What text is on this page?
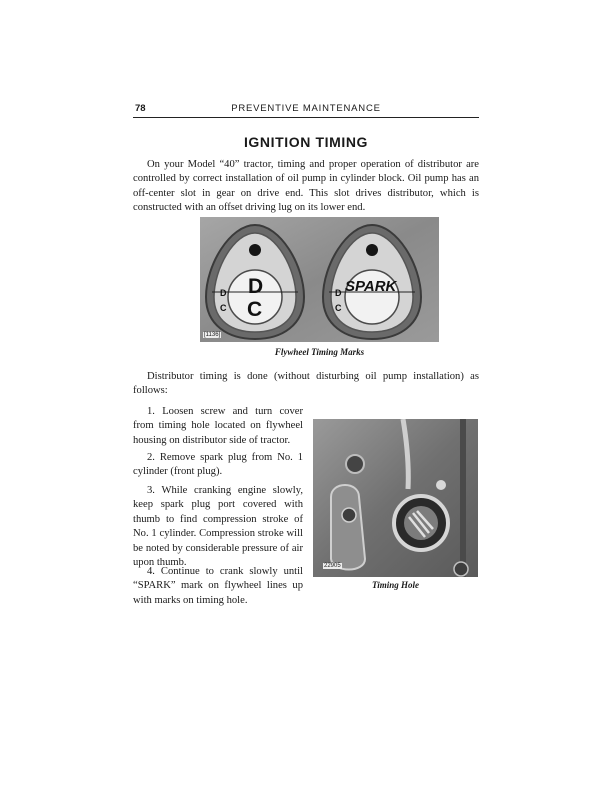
78	PREVENTIVE MAINTENANCE
IGNITION TIMING

On your Model “40” tractor, timing and proper operation of distributor are controlled by correct installation of oil pump in cylinder block. Oil pump has an off-center slot in gear on drive end. This slot drives distributor, which is constructed with an offset driving lug on its lower end.

D
C
D
C
D
C
SPARK
[1136]
Flywheel Timing Marks

Distributor timing is done (without disturbing oil pump installation) as follows:

1. Loosen screw and turn cover from timing hole located on flywheel housing on distributor side of tractor.

2. Remove spark plug from No. 1 cylinder (front plug).

3. While cranking engine slowly, keep spark plug port covered with thumb to find compression stroke of No. 1 cylinder. Compression stroke will be noted by considerable pressure of air upon thumb.

4. Continue to crank slowly until “SPARK” mark on flywheel lines up with marks on timing hole.

22905
Timing Hole
